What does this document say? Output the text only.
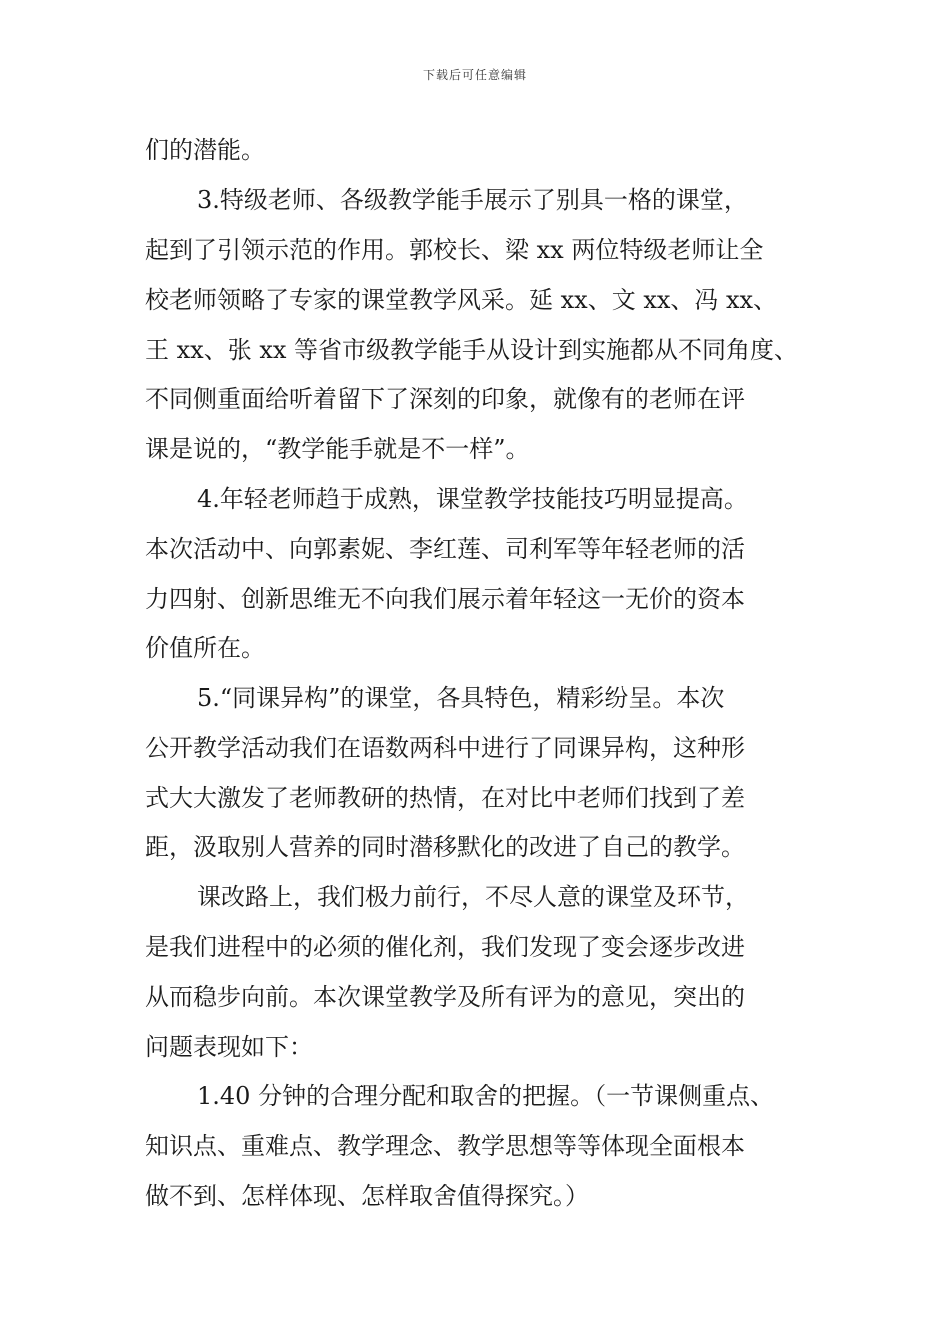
下载后可任意编辑
们的潜能。
3.特级老师、各级教学能手展示了别具一格的课堂，
起到了引领示范的作用。郭校长、梁 xx 两位特级老师让全
校老师领略了专家的课堂教学风采。延 xx、文 xx、冯 xx、
王 xx、张 xx 等省市级教学能手从设计到实施都从不同角度、
不同侧重面给听着留下了深刻的印象，就像有的老师在评
课是说的，“教学能手就是不一样”。
4.年轻老师趋于成熟，课堂教学技能技巧明显提高。
本次活动中、向郭素妮、李红莲、司利军等年轻老师的活
力四射、创新思维无不向我们展示着年轻这一无价的资本
价值所在。
5.“同课异构”的课堂，各具特色，精彩纷呈。本次
公开教学活动我们在语数两科中进行了同课异构，这种形
式大大激发了老师教研的热情，在对比中老师们找到了差
距，汲取别人营养的同时潜移默化的改进了自己的教学。
课改路上，我们极力前行，不尽人意的课堂及环节，
是我们进程中的必须的催化剂，我们发现了变会逐步改进
从而稳步向前。本次课堂教学及所有评为的意见，突出的
问题表现如下：
1.40 分钟的合理分配和取舍的把握。（一节课侧重点、
知识点、重难点、教学理念、教学思想等等体现全面根本
做不到、怎样体现、怎样取舍值得探究。）
